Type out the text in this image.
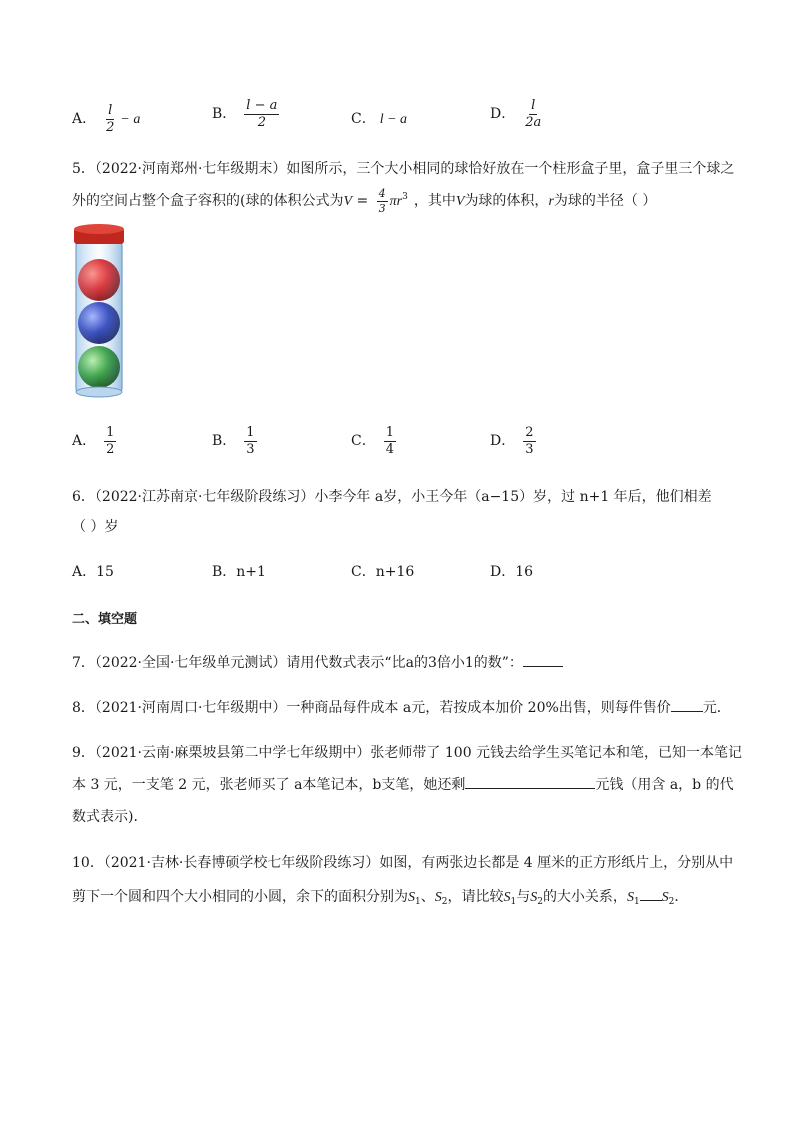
A． $\frac{l}{2} - a$	B． $\frac{l - a}{2}$	C． l − a	D． $\frac{l}{2a}$
5．（2022·河南郑州·七年级期末）如图所示，三个大小相同的球恰好放在一个柱形盒子里，盒子里三个球之
外的空间占整个盒子容积的(球的体积公式为$V = \frac{4}{3} \pi r^3$ ，其中V为球的体积，r为球的半径（ ）
A． $\frac{1}{2}$	B． $\frac{1}{3}$	C． $\frac{1}{4}$	D． $\frac{2}{3}$
6．（2022·江苏南京·七年级阶段练习）小李今年 a岁，小王今年（a−15）岁，过 n+1 年后，他们相差
（ ）岁
A．15	B．n+1	C．n+16	D．16
二、填空题
7．（2022·全国·七年级单元测试）请用代数式表示“比a的3倍小1的数”：
8．（2021·河南周口·七年级期中）一种商品每件成本 a元，若按成本加价 20%出售，则每件售价 元．
9．（2021·云南·麻栗坡县第二中学七年级期中）张老师带了 100 元钱去给学生买笔记本和笔，已知一本笔记
本 3 元，一支笔 2 元，张老师买了 a本笔记本，b支笔，她还剩	元钱（用含 a，b 的代
数式表示)．
10．（2021·吉林·长春博硕学校七年级阶段练习）如图，有两张边长都是 4 厘米的正方形纸片上，分别从中
剪下一个圆和四个大小相同的小圆，余下的面积分别为$S_1$、$S_2$，请比较$S_1$与$S_2$的大小关系，$S_1$ $S_2$．
